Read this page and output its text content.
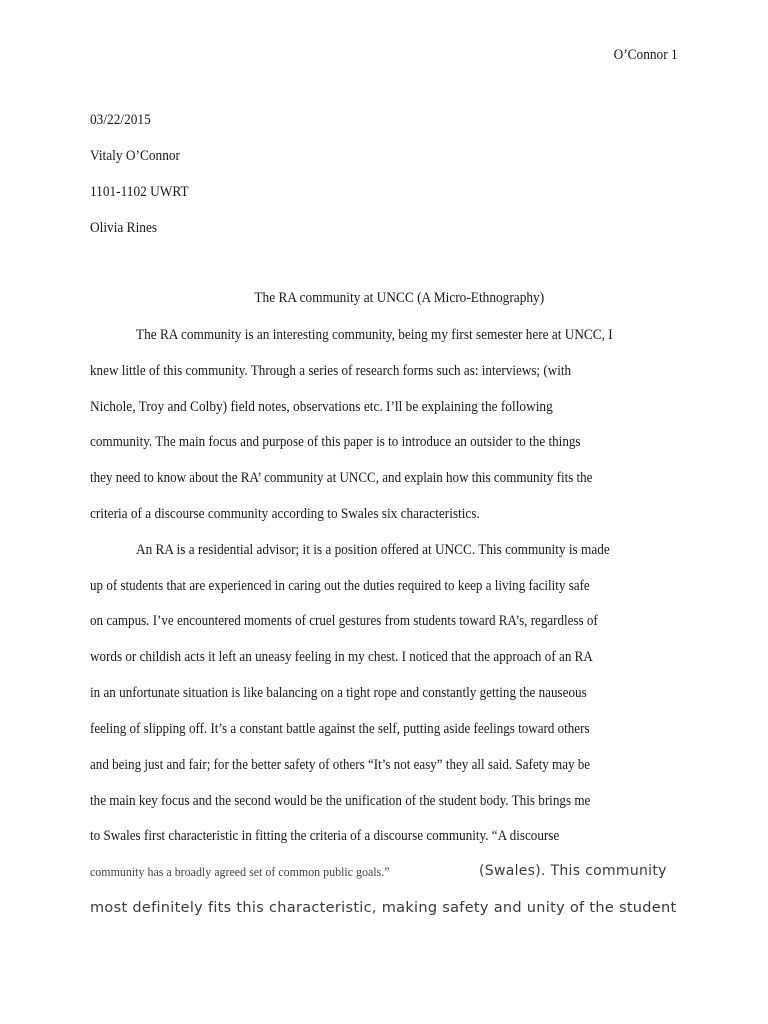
O’Connor 1
03/22/2015
Vitaly O’Connor
1101-1102 UWRT
Olivia Rines
The RA community at UNCC (A Micro-Ethnography)
The RA community is an interesting community, being my first semester here at UNCC, I
knew little of this community. Through a series of research forms such as: interviews; (with
Nichole, Troy and Colby) field notes, observations etc. I’ll be explaining the following
community. The main focus and purpose of this paper is to introduce an outsider to the things
they need to know about the RA’ community at UNCC, and explain how this community fits the
criteria of a discourse community according to Swales six characteristics.
An RA is a residential advisor; it is a position offered at UNCC. This community is made
up of students that are experienced in caring out the duties required to keep a living facility safe
on campus. I’ve encountered moments of cruel gestures from students toward RA’s, regardless of
words or childish acts it left an uneasy feeling in my chest. I noticed that the approach of an RA
in an unfortunate situation is like balancing on a tight rope and constantly getting the nauseous
feeling of slipping off. It’s a constant battle against the self, putting aside feelings toward others
and being just and fair; for the better safety of others “It’s not easy” they all said. Safety may be
the main key focus and the second would be the unification of the student body. This brings me
to Swales first characteristic in fitting the criteria of a discourse community. “A discourse
community has a broadly agreed set of common public goals.”	(Swales). This community
most definitely fits this characteristic, making safety and unity of the student
